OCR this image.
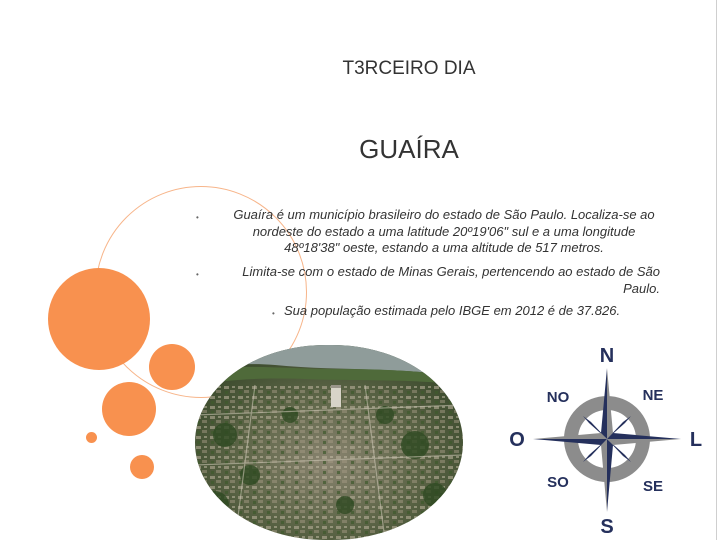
T3RCEIRO DIA
GUAÍRA
•	Guaíra é um município brasileiro do estado de São Paulo. Localiza-se ao nordeste do estado a uma latitude 20º19'06" sul e a uma longitude 48º18'38" oeste, estando a uma altitude de 517 metros.
•	Limita-se com o estado de Minas Gerais, pertencendo ao estado de São Paulo.
• Sua população estimada pelo IBGE em 2012 é de 37.826.
N
S
O	L
NO	NE
SO	SE
